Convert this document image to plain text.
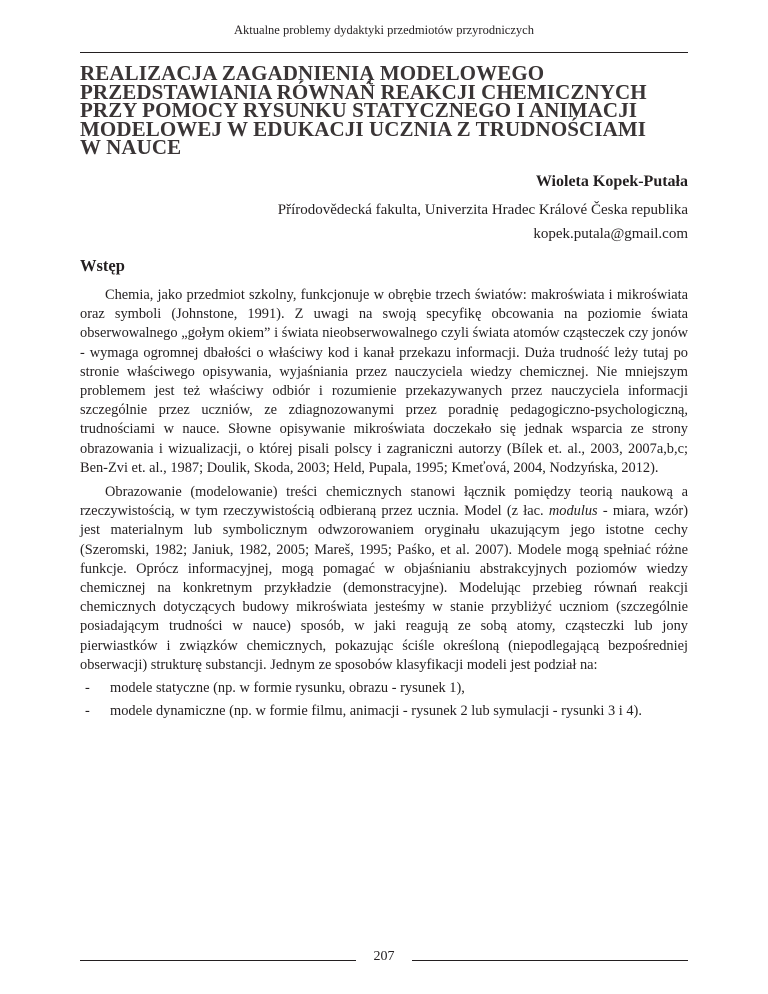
Aktualne problemy dydaktyki przedmiotów przyrodniczych
REALIZACJA ZAGADNIENIĄ MODELOWEGO
PRZEDSTAWIANIA RÓWNAŃ REAKCJI CHEMICZNYCH
PRZY POMOCY RYSUNKU STATYCZNEGO I ANIMACJI
MODELOWEJ W EDUKACJI UCZNIA Z TRUDNOŚCIAMI
W NAUCE
Wioleta Kopek-Putała
Přírodovědecká fakulta, Univerzita Hradec Králové Česka republika
kopek.putala@gmail.com
Wstęp

Chemia, jako przedmiot szkolny, funkcjonuje w obrębie trzech światów: makroświata i mikroświata oraz symboli (Johnstone, 1991). Z uwagi na swoją specyfikę obcowania na poziomie świata obserwowalnego „gołym okiem” i świata nieobserwowalnego czyli świata atomów cząsteczek czy jonów - wymaga ogromnej dbałości o właściwy kod i kanał przekazu informacji. Duża trudność leży tutaj po stronie właściwego opisywania, wyjaśniania przez nauczyciela wiedzy chemicznej. Nie mniejszym problemem jest też właściwy odbiór i rozumienie przekazywanych przez nauczyciela informacji szczególnie przez uczniów, ze zdiagnozowanymi przez poradnię pedagogiczno-psychologiczną, trudnościami w nauce. Słowne opisywanie mikroświata doczekało się jednak wsparcia ze strony obrazowania i wizualizacji, o której pisali polscy i zagraniczni autorzy (Bílek et. al., 2003, 2007a,b,c; Ben-Zvi et. al., 1987; Doulik, Skoda, 2003; Held, Pupala, 1995; Kmeťová, 2004, Nodzyńska, 2012).

Obrazowanie (modelowanie) treści chemicznych stanowi łącznik pomiędzy teorią naukową a rzeczywistością, w tym rzeczywistością odbieraną przez ucznia. Model (z łac. modulus - miara, wzór) jest materialnym lub symbolicznym odwzorowaniem oryginału ukazującym jego istotne cechy (Szeromski, 1982; Janiuk, 1982, 2005; Mareš, 1995; Paśko, et al. 2007). Modele mogą spełniać różne funkcje. Oprócz informacyjnej, mogą pomagać w objaśnianiu abstrakcyjnych poziomów wiedzy chemicznej na konkretnym przykładzie (demonstracyjne). Modelując przebieg równań reakcji chemicznych dotyczących budowy mikroświata jesteśmy w stanie przybliżyć uczniom (szczególnie posiadającym trudności w nauce) sposób, w jaki reagują ze sobą atomy, cząsteczki lub jony pierwiastków i związków chemicznych, pokazując ściśle określoną (niepodlegającą bezpośredniej obserwacji) strukturę substancji. Jednym ze sposobów klasyfikacji modeli jest podział na:

- modele statyczne (np. w formie rysunku, obrazu - rysunek 1),
- modele dynamiczne (np. w formie filmu, animacji - rysunek 2 lub symulacji - rysunki 3 i 4).
207
